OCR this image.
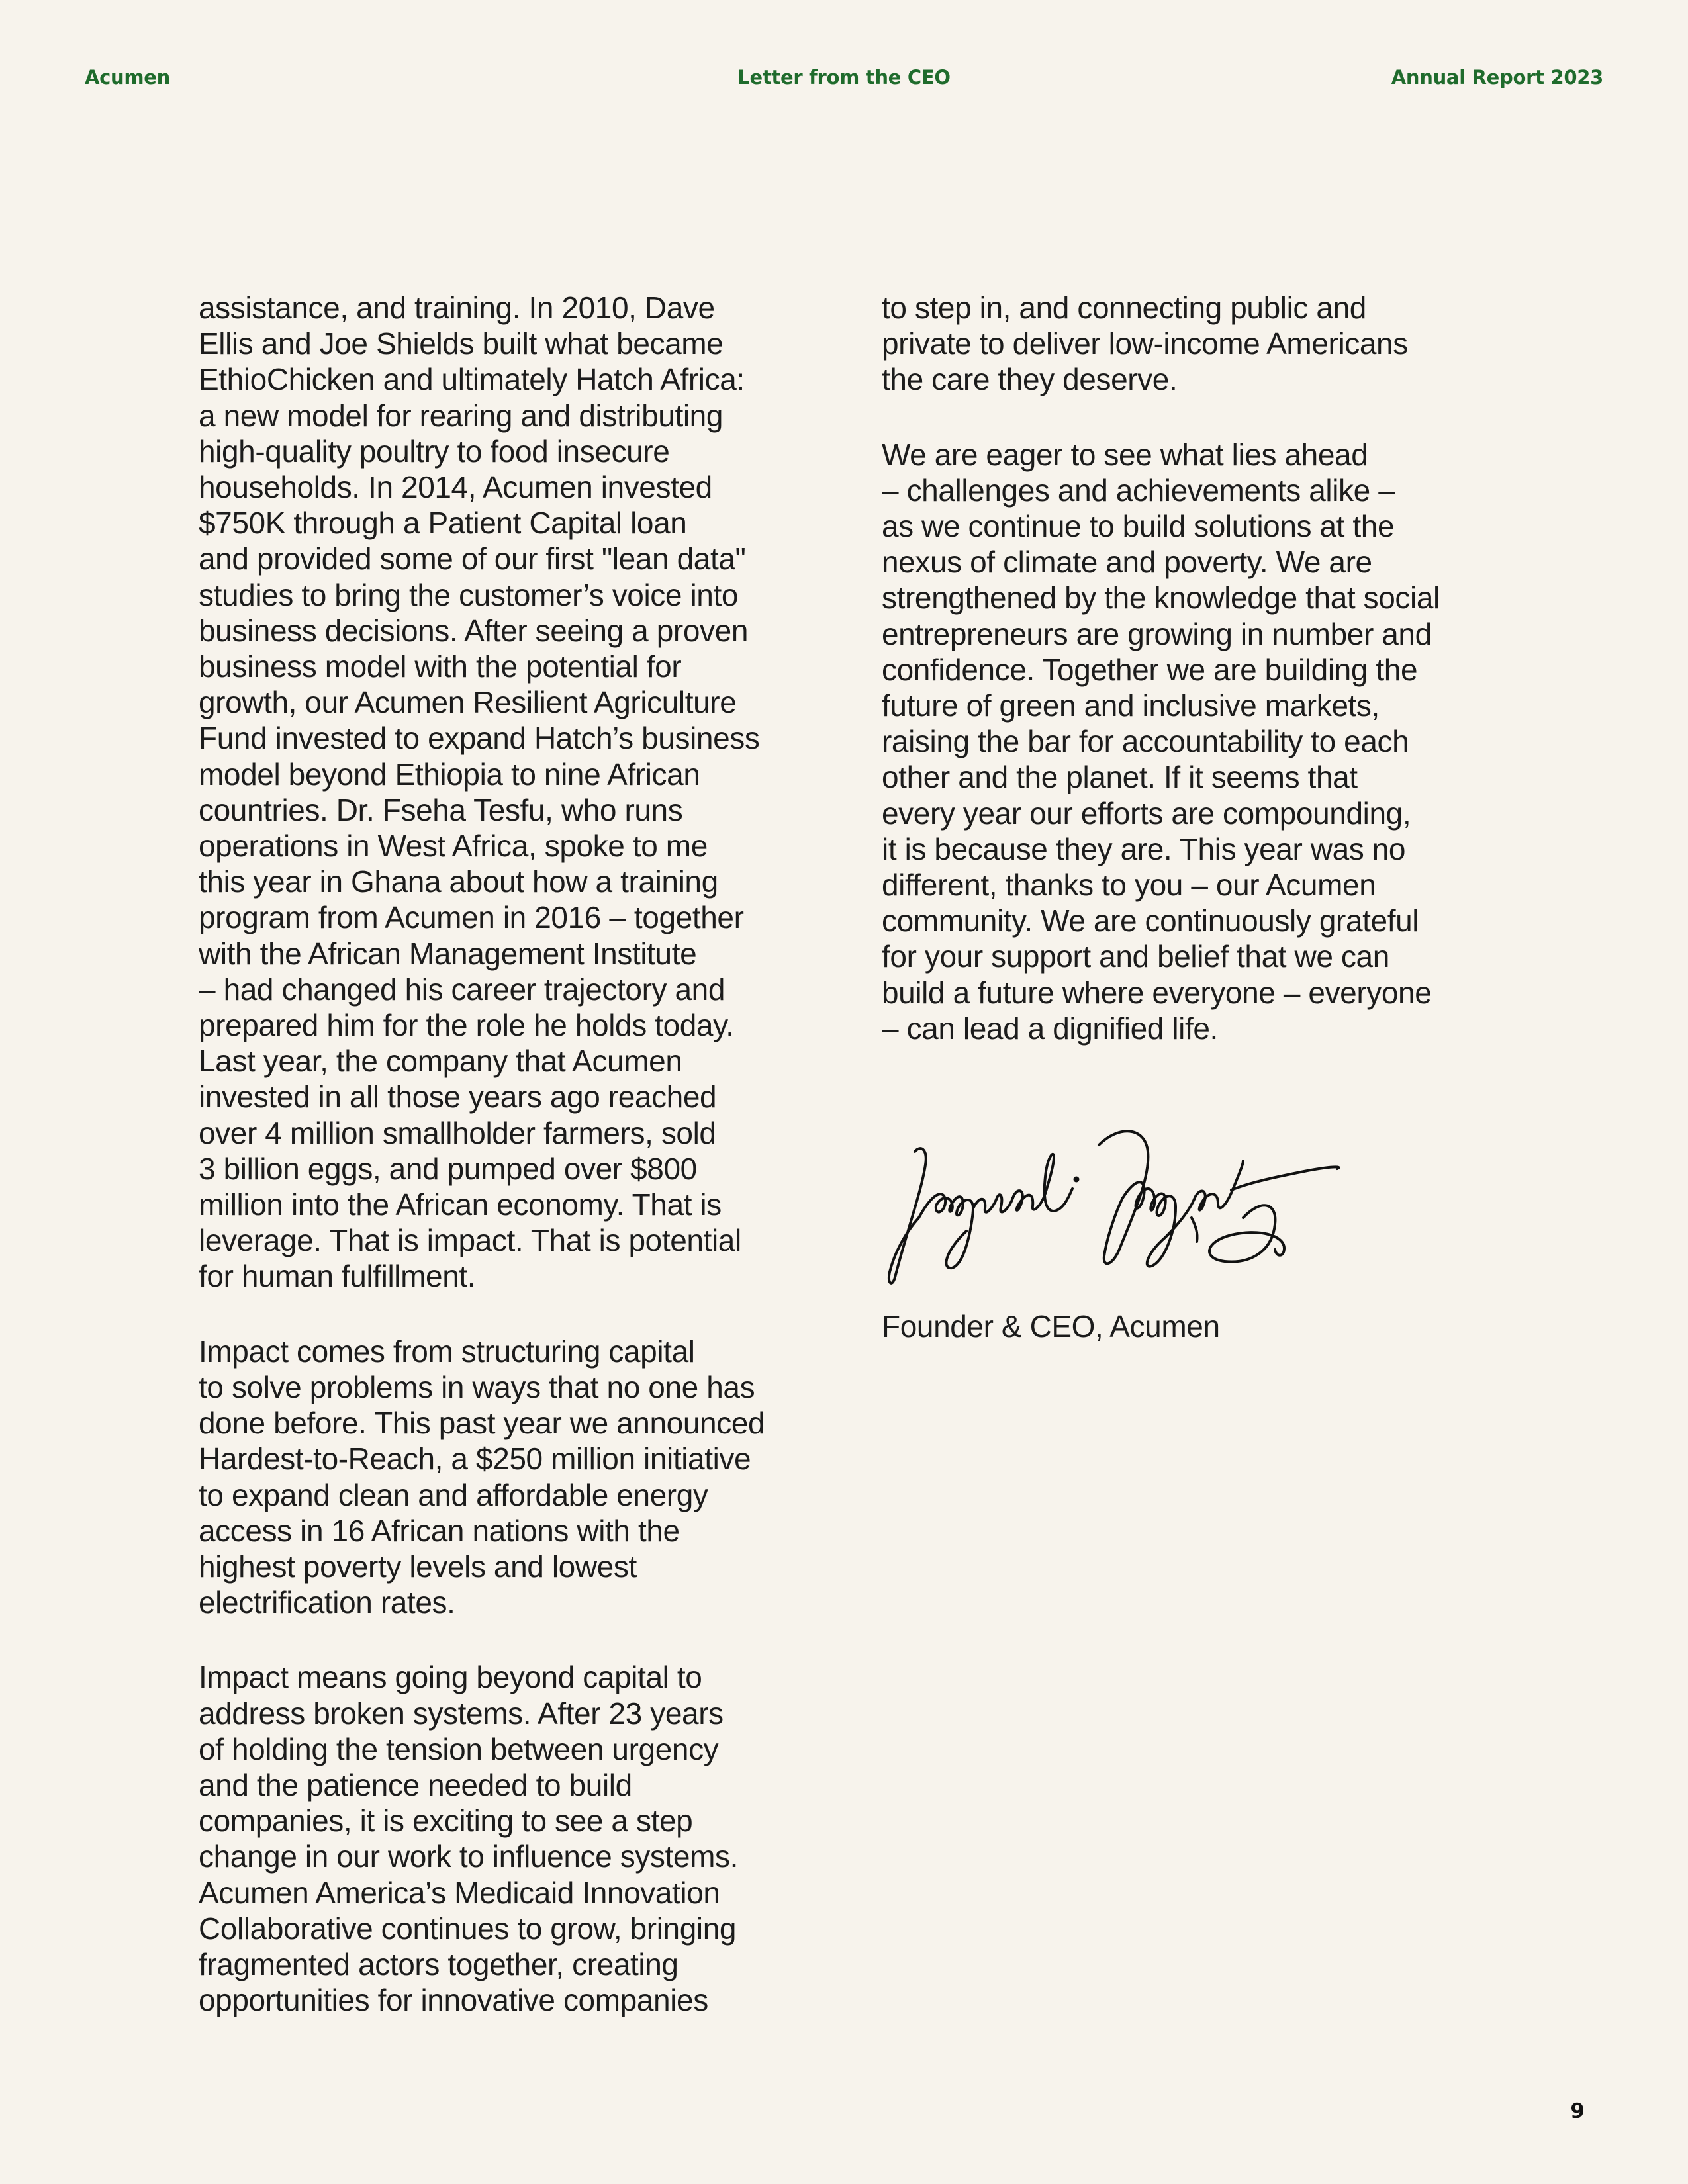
Acumen	Letter from the CEO	Annual Report 2023

assistance, and training. In 2010, Dave
Ellis and Joe Shields built what became
EthioChicken and ultimately Hatch Africa:
a new model for rearing and distributing
high-quality poultry to food insecure
households. In 2014, Acumen invested
$750K through a Patient Capital loan
and provided some of our first "lean data"
studies to bring the customer’s voice into
business decisions. After seeing a proven
business model with the potential for
growth, our Acumen Resilient Agriculture
Fund invested to expand Hatch’s business
model beyond Ethiopia to nine African
countries. Dr. Fseha Tesfu, who runs
operations in West Africa, spoke to me
this year in Ghana about how a training
program from Acumen in 2016 – together
with the African Management Institute
– had changed his career trajectory and
prepared him for the role he holds today.
Last year, the company that Acumen
invested in all those years ago reached
over 4 million smallholder farmers, sold
3 billion eggs, and pumped over $800
million into the African economy. That is
leverage. That is impact. That is potential
for human fulfillment.

Impact comes from structuring capital
to solve problems in ways that no one has
done before. This past year we announced
Hardest-to-Reach, a $250 million initiative
to expand clean and affordable energy
access in 16 African nations with the
highest poverty levels and lowest
electrification rates.

Impact means going beyond capital to
address broken systems. After 23 years
of holding the tension between urgency
and the patience needed to build
companies, it is exciting to see a step
change in our work to influence systems.
Acumen America’s Medicaid Innovation
Collaborative continues to grow, bringing
fragmented actors together, creating
opportunities for innovative companies

to step in, and connecting public and
private to deliver low-income Americans
the care they deserve.

We are eager to see what lies ahead
– challenges and achievements alike –
as we continue to build solutions at the
nexus of climate and poverty. We are
strengthened by the knowledge that social
entrepreneurs are growing in number and
confidence. Together we are building the
future of green and inclusive markets,
raising the bar for accountability to each
other and the planet. If it seems that
every year our efforts are compounding,
it is because they are. This year was no
different, thanks to you – our Acumen
community. We are continuously grateful
for your support and belief that we can
build a future where everyone – everyone
– can lead a dignified life.

Founder & CEO, Acumen
9
